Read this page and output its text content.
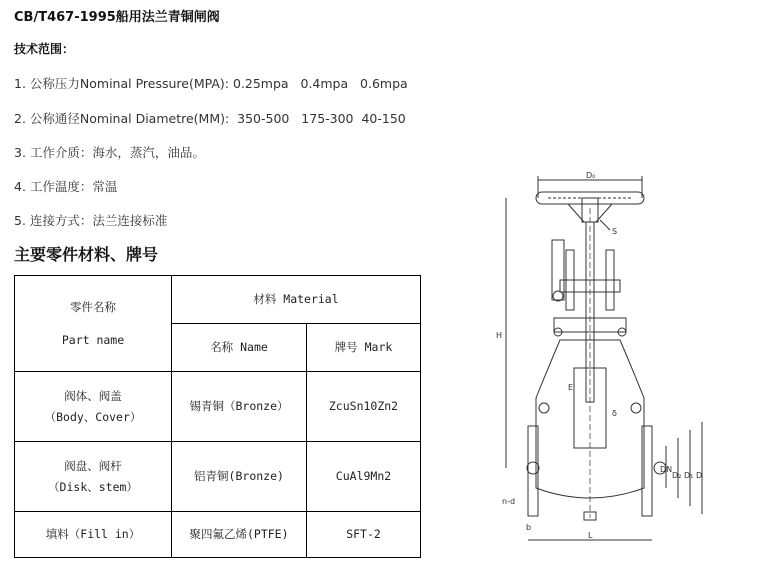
CB/T467-1995船用法兰青铜闸阀
技术范围：
1. 公称压力Nominal Pressure(MPA): 0.25mpa   0.4mpa   0.6mpa
2. 公称通径Nominal Diametre(MM):  350-500   175-300  40-150
3. 工作介质：海水，蒸汽，油品。
4. 工作温度：常温
5. 连接方式：法兰连接标准
主要零件材料、牌号
零件名称
Part name	材料 Material	
	名称 Name	牌号 Mark

阀体、阀盖
（Body、Cover）	锡青铜（Bronze）	ZcuSn10Zn2

阀盘、阀杆
（Disk、stem）	铝青铜(Bronze)	CuAl9Mn2
填料（Fill in）	聚四氟乙烯(PTFE)	SFT-2
D₀
S
H
E
δ
DN
D₂ D₁ D
n-d
b
L
